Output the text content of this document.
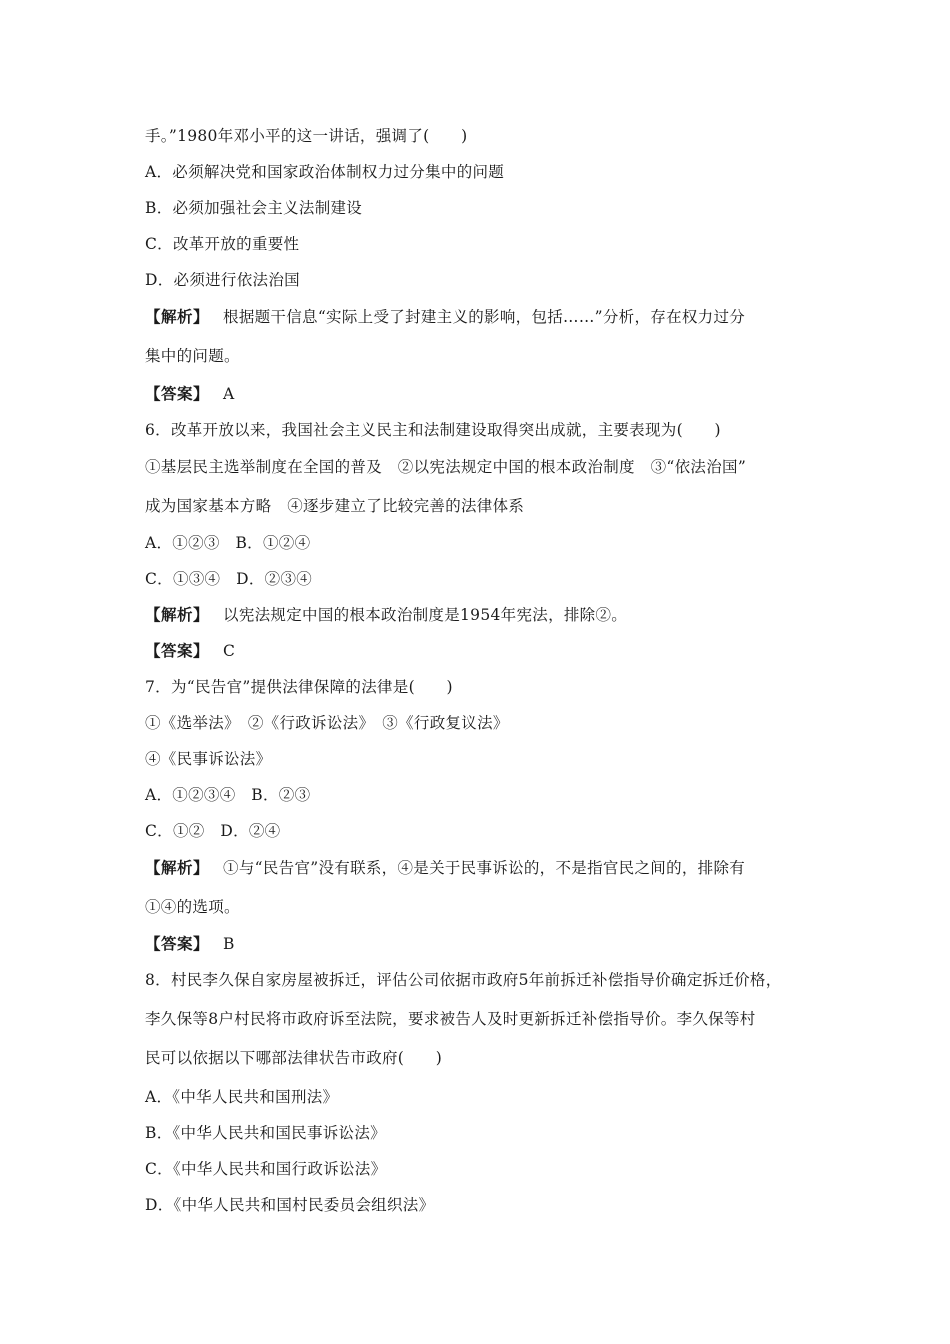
手。”1980年邓小平的这一讲话，强调了(　　)
A．必须解决党和国家政治体制权力过分集中的问题
B．必须加强社会主义法制建设
C．改革开放的重要性
D．必须进行依法治国
【解析】 根据题干信息“实际上受了封建主义的影响，包括……”分析，存在权力过分
集中的问题。
【答案】 A
6．改革开放以来，我国社会主义民主和法制建设取得突出成就，主要表现为(　　)
①基层民主选举制度在全国的普及　②以宪法规定中国的根本政治制度　③“依法治国”
成为国家基本方略　④逐步建立了比较完善的法律体系
A．①②③　B．①②④
C．①③④　D．②③④
【解析】 以宪法规定中国的根本政治制度是1954年宪法，排除②。
【答案】 C
7．为“民告官”提供法律保障的法律是(　　)
①《选举法》　②《行政诉讼法》　③《行政复议法》
④《民事诉讼法》
A．①②③④　B．②③
C．①②　D．②④
【解析】 ①与“民告官”没有联系，④是关于民事诉讼的，不是指官民之间的，排除有
①④的选项。
【答案】 B
8．村民李久保自家房屋被拆迁，评估公司依据市政府5年前拆迁补偿指导价确定拆迁价格，
李久保等8户村民将市政府诉至法院，要求被告人及时更新拆迁补偿指导价。李久保等村
民可以依据以下哪部法律状告市政府(　　)
A．《中华人民共和国刑法》
B．《中华人民共和国民事诉讼法》
C．《中华人民共和国行政诉讼法》
D．《中华人民共和国村民委员会组织法》
